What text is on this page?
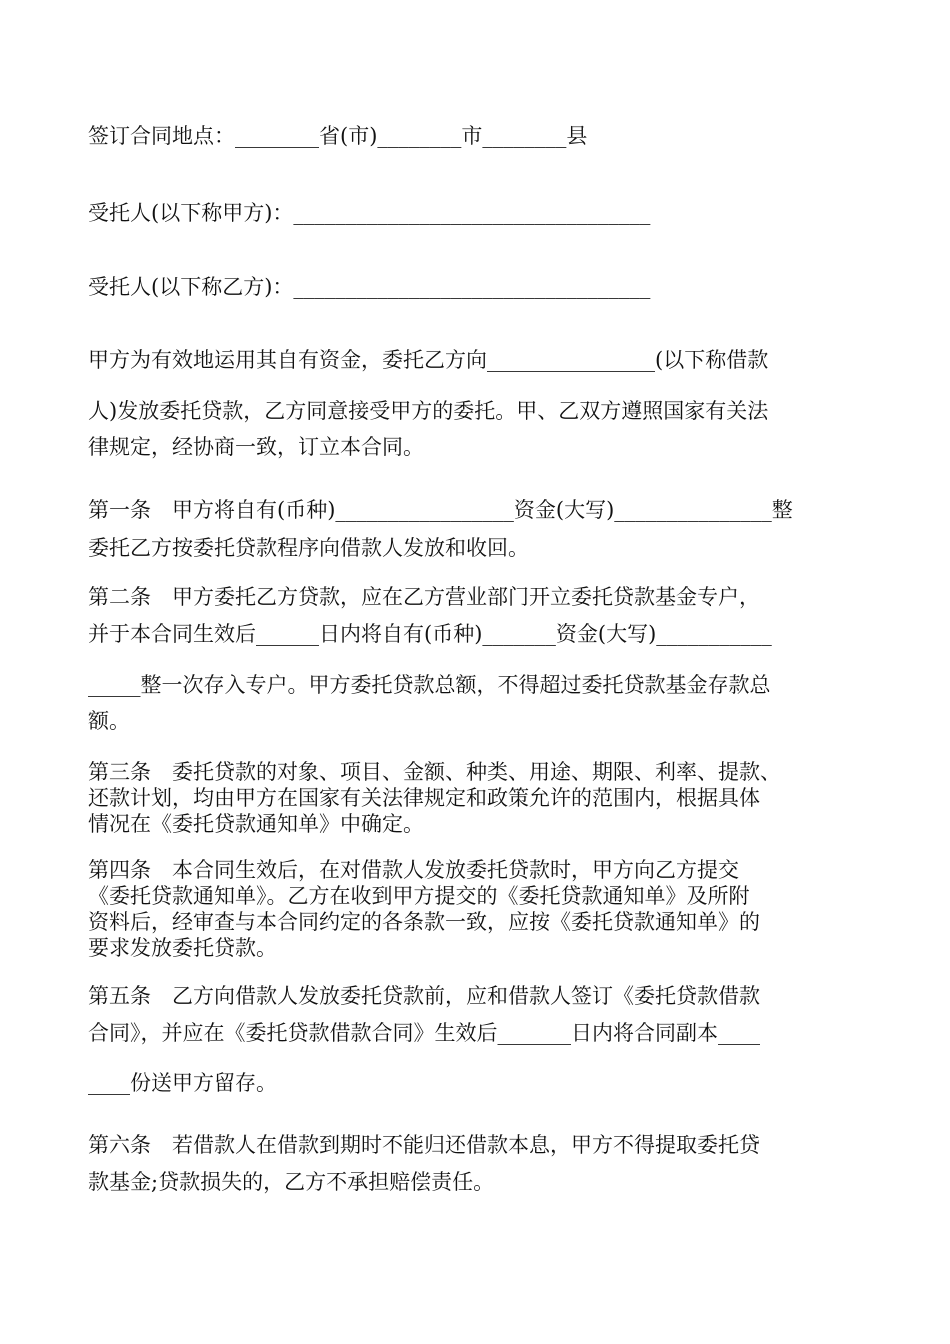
签订合同地点：________省(市)________市________县
受托人(以下称甲方)：__________________________________
受托人(以下称乙方)：__________________________________
甲方为有效地运用其自有资金，委托乙方向________________(以下称借款
人)发放委托贷款，乙方同意接受甲方的委托。甲、乙双方遵照国家有关法
律规定，经协商一致，订立本合同。
第一条　甲方将自有(币种)_________________资金(大写)_______________整
委托乙方按委托贷款程序向借款人发放和收回。
第二条　甲方委托乙方贷款，应在乙方营业部门开立委托贷款基金专户，
并于本合同生效后______日内将自有(币种)_______资金(大写)___________
_____整一次存入专户。甲方委托贷款总额，不得超过委托贷款基金存款总
额。
第三条　委托贷款的对象、项目、金额、种类、用途、期限、利率、提款、
还款计划，均由甲方在国家有关法律规定和政策允许的范围内，根据具体
情况在《委托贷款通知单》中确定。
第四条　本合同生效后，在对借款人发放委托贷款时，甲方向乙方提交
《委托贷款通知单》。乙方在收到甲方提交的《委托贷款通知单》及所附
资料后，经审查与本合同约定的各条款一致，应按《委托贷款通知单》的
要求发放委托贷款。
第五条　乙方向借款人发放委托贷款前，应和借款人签订《委托贷款借款
合同》，并应在《委托贷款借款合同》生效后_______日内将合同副本____
____份送甲方留存。
第六条　若借款人在借款到期时不能归还借款本息，甲方不得提取委托贷
款基金;贷款损失的，乙方不承担赔偿责任。
